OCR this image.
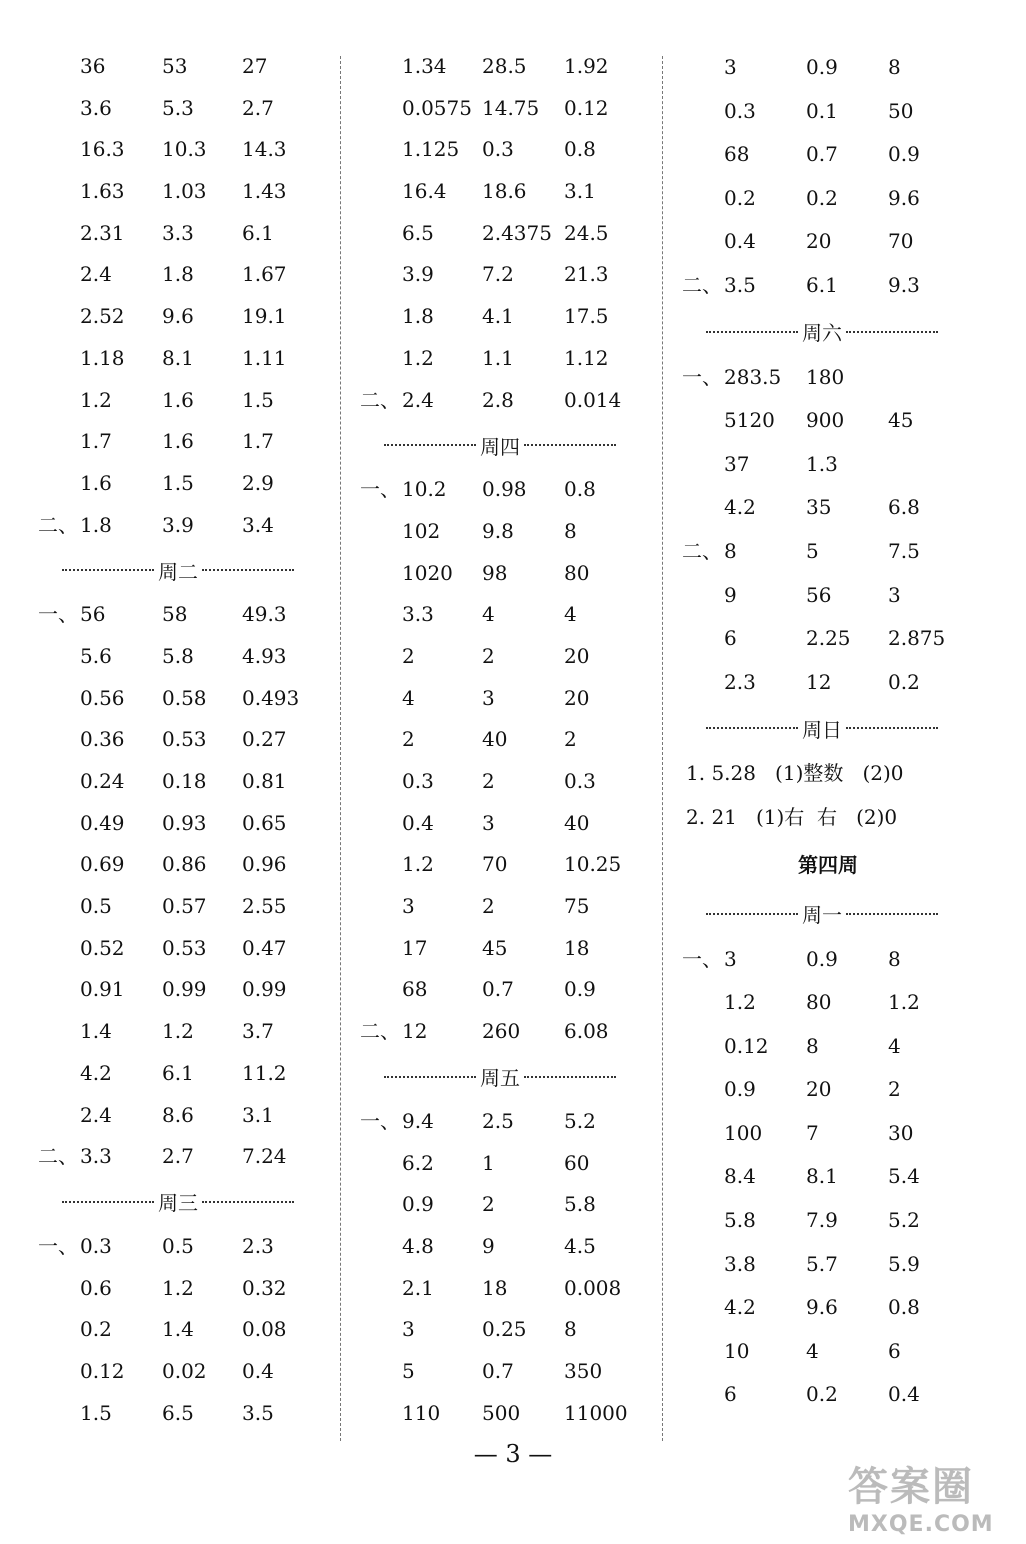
36	53	27
3.6	5.3 2.7
16.3 10.3 14.3
1.63 1.03 1.43
2.31 3.3 6.1
2.4	1.8 1.67
2.52 9.6 19.1
1.18 8.1 1.11
1.2	1.6 1.5
1.7	1.6 1.7
1.6	1.5 2.9
二、 1.8	3.9 3.4
周二
一、 56	58	49.3
5.6	5.8 4.93
0.56 0.58 0.493
0.36 0.53 0.27
0.24 0.18 0.81
0.49 0.93 0.65
0.69 0.86 0.96
0.5	0.57 2.55
0.52 0.53 0.47
0.91 0.99 0.99
1.4	1.2 3.7
4.2	6.1 11.2
2.4	8.6 3.1
二、 3.3	2.7 7.24
周三
一、 0.3	0.5 2.3
0.6	1.2 0.32
0.2	1.4 0.08
0.12 0.02 0.4
1.5	6.5 3.5
1.34 28.5 1.92
0.0575 14.75 0.12
1.125 0.3	0.8
16.4 18.6 3.1
6.5 2.4375 24.5
3.9 7.2	21.3
1.8 4.1	17.5
1.2 1.1	1.12
二、 2.4 2.8	0.014
周四
一、 10.2 0.98 0.8
102 9.8	8
1020 98	80
3.3 4	4
2	2	20
4	3	20
2	40	2
0.3 2	0.3
0.4 3	40
1.2 70	10.25
3	2	75
17	45	18
68	0.7	0.9
二、 12	260 6.08
周五
一、 9.4 2.5	5.2
6.2 1	60
0.9 2	5.8
4.8 9	4.5
2.1 18	0.008
3	0.25 8
5	0.7	350
110 500 11000
3	0.9	8
0.3	0.1	50
68	0.7	0.9
0.2	0.2	9.6
0.4	20	70
二、 3.5	6.1	9.3
周六
一、 283.5 180
5120 900 45
37	1.3
4.2	35	6.8
二、 8	5	7.5
9	56	3
6	2.25 2.875
2.3	12	0.2
周日
1. 5.28   (1)整数   (2)0
2. 21   (1)右  右   (2)0
第四周
周一
一、 3	0.9	8
1.2	80	1.2
0.12 8	4
0.9	20	2
100 7	30
8.4	8.1	5.4
5.8	7.9	5.2
3.8	5.7	5.9
4.2	9.6	0.8
10	4	6
6	0.2	0.4
— 3 —
答案圈
MXQE.COM
